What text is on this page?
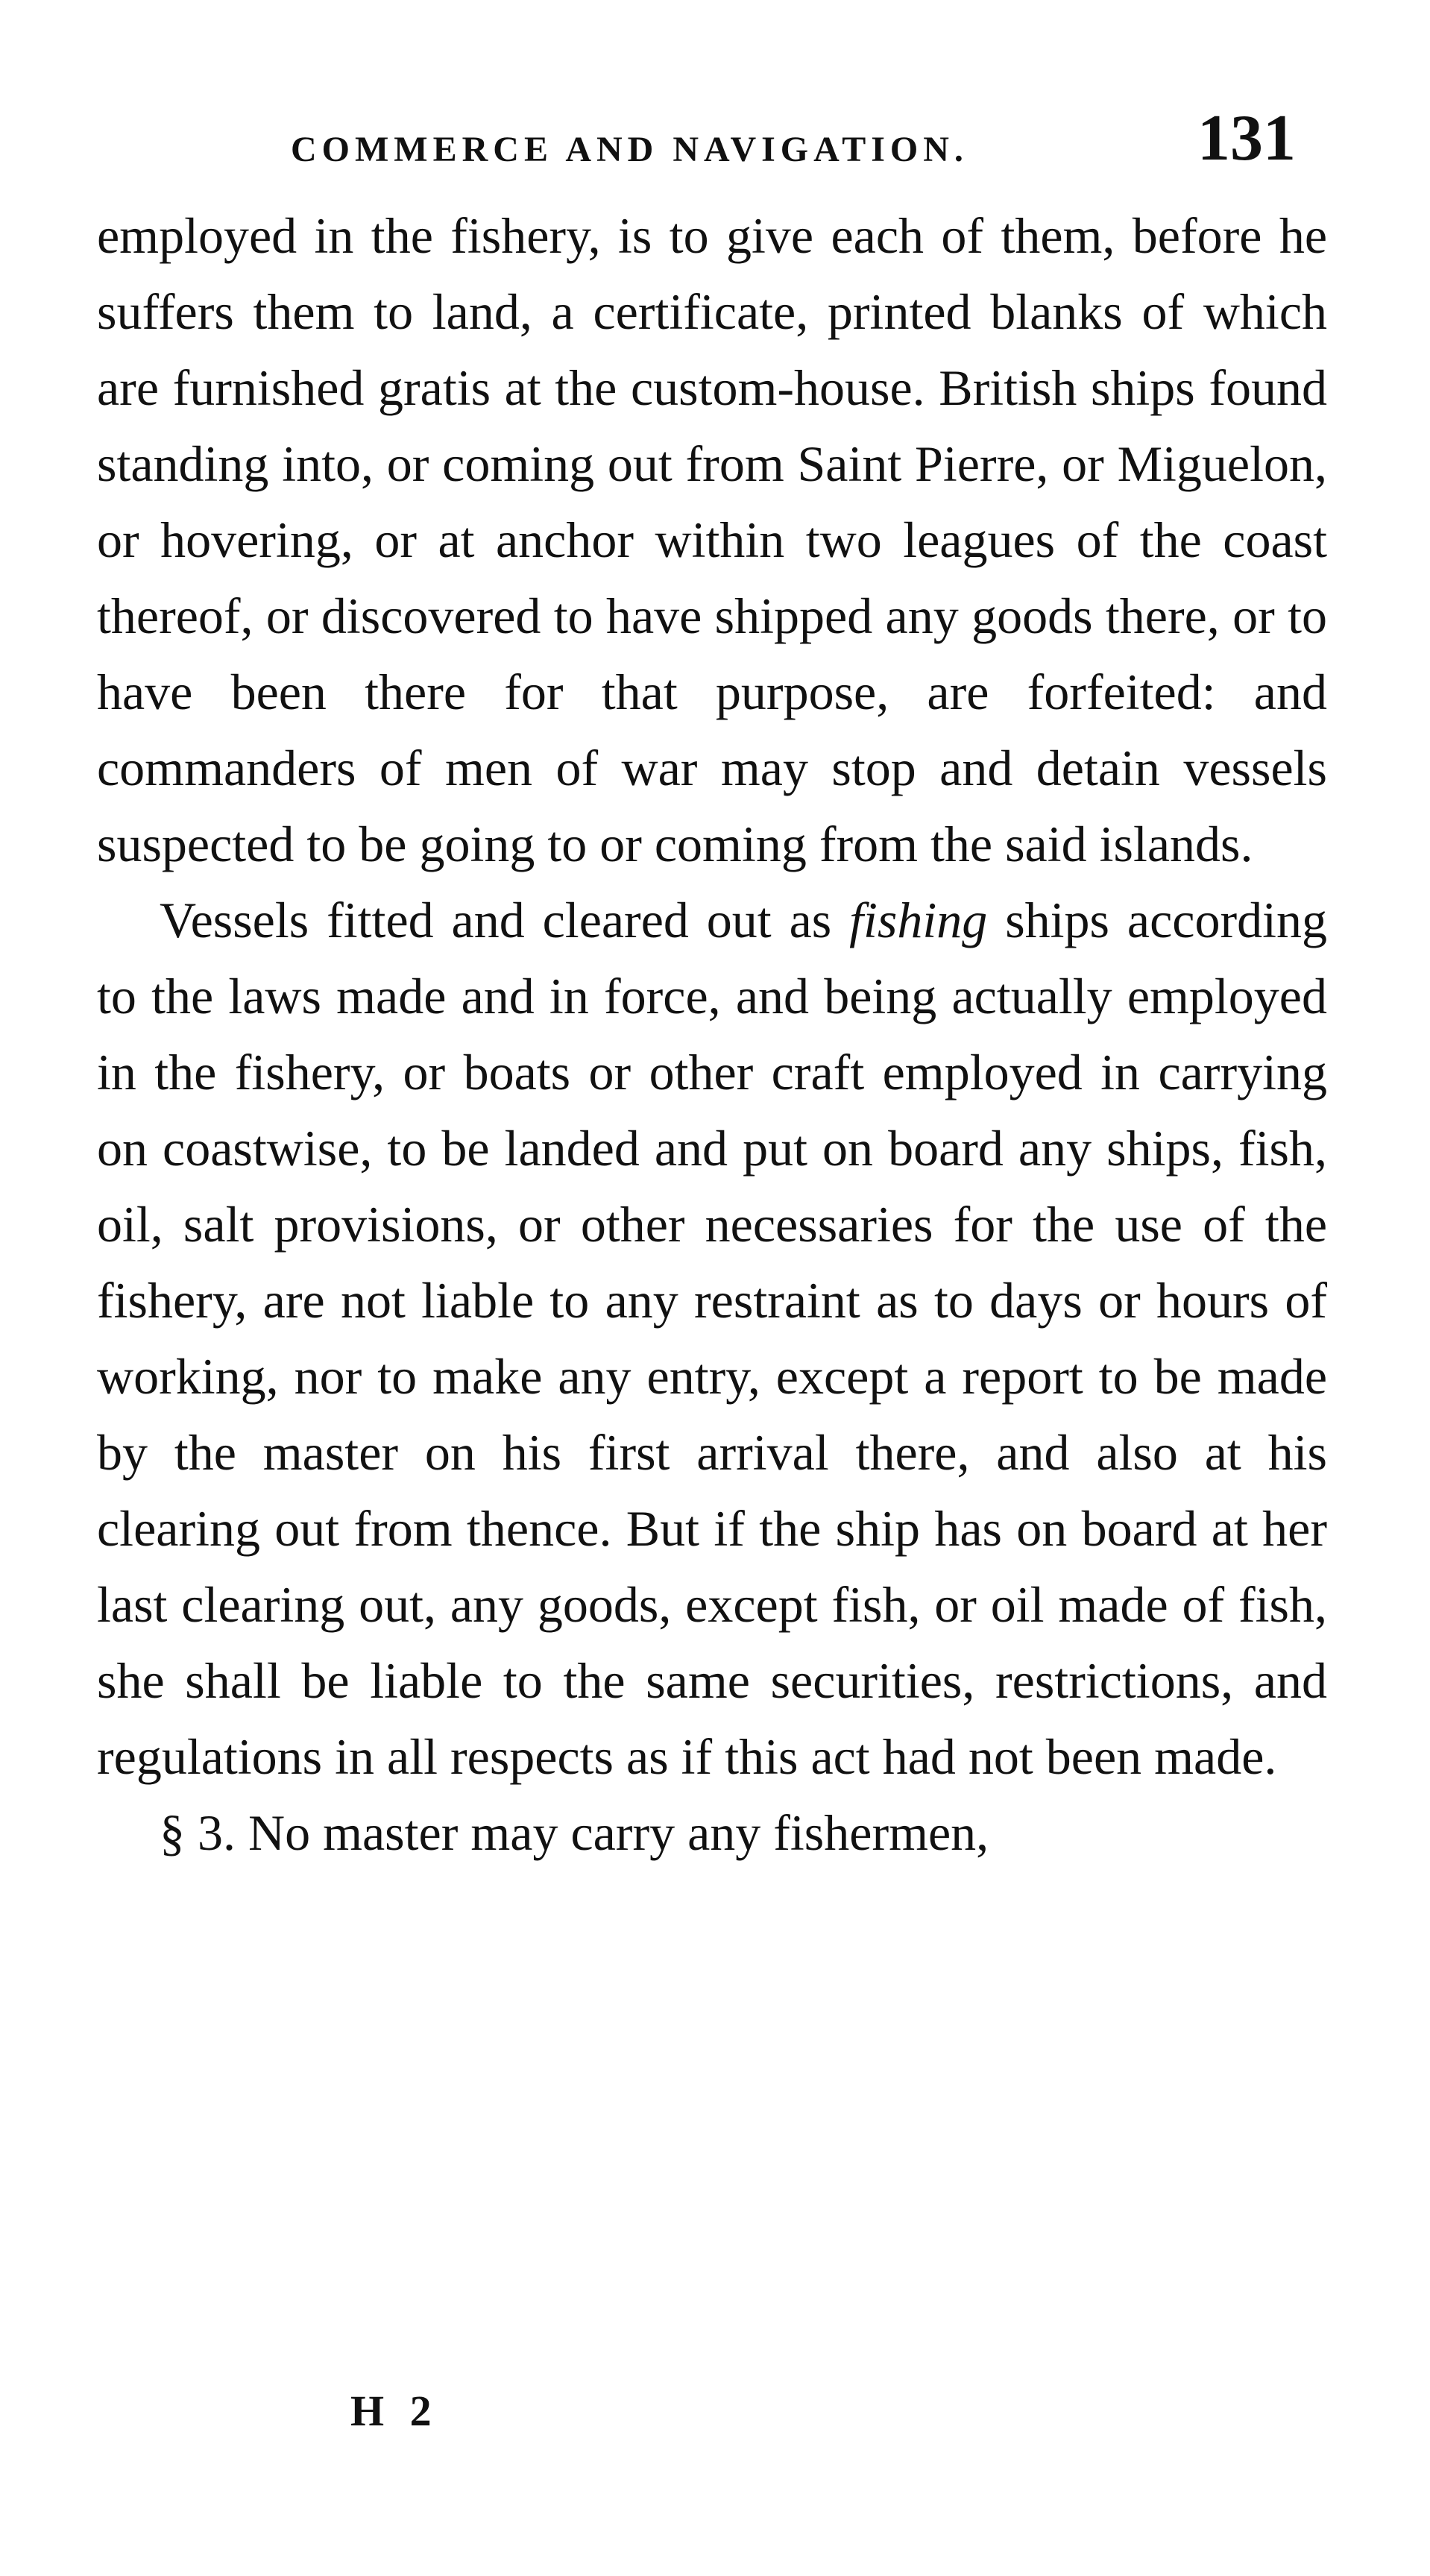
COMMERCE AND NAVIGATION.	131

employed in the fishery, is to give each of them, before he suffers them to land, a certificate, printed blanks of which are furnished gratis at the custom-house. British ships found standing into, or coming out from Saint Pierre, or Miguelon, or hovering, or at anchor within two leagues of the coast thereof, or discovered to have shipped any goods there, or to have been there for that purpose, are forfeited: and commanders of men of war may stop and detain vessels suspected to be going to or coming from the said islands.

Vessels fitted and cleared out as fishing ships according to the laws made and in force, and being actually employed in the fishery, or boats or other craft employed in carrying on coastwise, to be landed and put on board any ships, fish, oil, salt provisions, or other necessaries for the use of the fishery, are not liable to any restraint as to days or hours of working, nor to make any entry, except a report to be made by the master on his first arrival there, and also at his clearing out from thence. But if the ship has on board at her last clearing out, any goods, except fish, or oil made of fish, she shall be liable to the same securities, restrictions, and regulations in all respects as if this act had not been made.

§ 3. No master may carry any fishermen,

H 2
